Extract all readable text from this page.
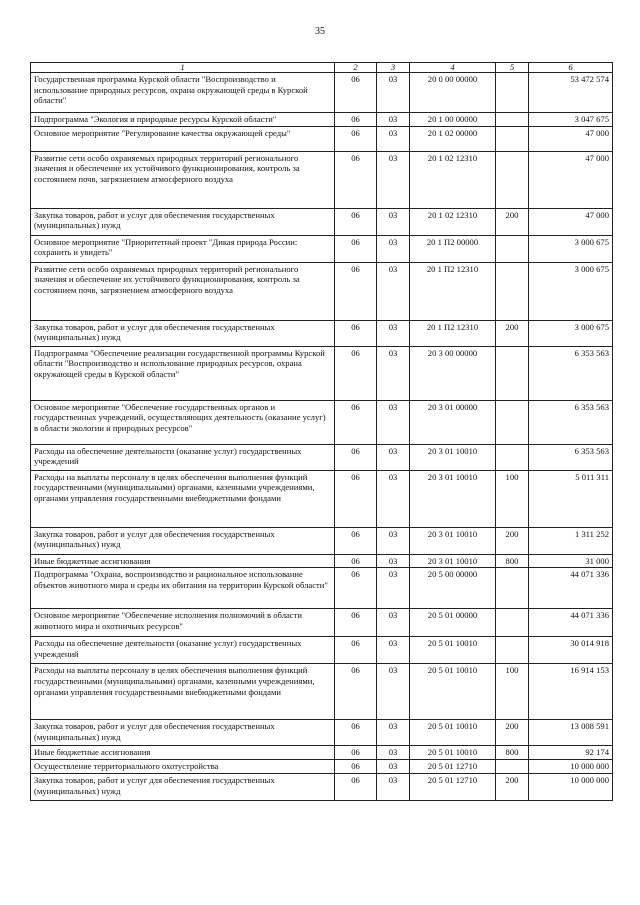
35
1	2	3	4	5	6
Государственная программа Курской области "Воспроизводство и использование природных ресурсов, охрана окружающей среды в Курской области"	06	03	20 0 00 00000		53 472 574
Подпрограмма "Экология и природные ресурсы Курской области"	06	03	20 1 00 00000		3 047 675
Основное мероприятие "Регулирование качества окружающей среды"	06	03	20 1 02 00000		47 000
Развитие сети особо охраняемых природных территорий регионального значения и обеспечение их устойчивого функционирования, контроль за состоянием почв, загрязнением атмосферного воздуха	06	03	20 1 02 12310		47 000
Закупка товаров, работ и услуг для обеспечения государственных (муниципальных) нужд	06	03	20 1 02 12310	200	47 000
Основное мероприятие "Приоритетный проект "Дикая природа России: сохранить и увидеть"	06	03	20 1 П2 00000		3 000 675
Развитие сети особо охраняемых природных территорий регионального значения и обеспечение их устойчивого функционирования, контроль за состоянием почв, загрязнением атмосферного воздуха	06	03	20 1 П2 12310		3 000 675
Закупка товаров, работ и услуг для обеспечения государственных (муниципальных) нужд	06	03	20 1 П2 12310	200	3 000 675
Подпрограмма "Обеспечение реализации государственной программы Курской области "Воспроизводство и использование природных ресурсов, охрана окружающей среды в Курской области"	06	03	20 3 00 00000		6 353 563
Основное мероприятие "Обеспечение государственных органов и государственных учреждений, осуществляющих деятельность (оказание услуг) в области экологии и природных ресурсов"	06	03	20 3 01 00000		6 353 563
Расходы на обеспечение деятельности (оказание услуг) государственных учреждений	06	03	20 3 01 10010		6 353 563
Расходы на выплаты персоналу в целях обеспечения выполнения функций государственными (муниципальными) органами, казенными учреждениями, органами управления государственными внебюджетными фондами	06	03	20 3 01 10010	100	5 011 311
Закупка товаров, работ и услуг для обеспечения государственных (муниципальных) нужд	06	03	20 3 01 10010	200	1 311 252
Иные бюджетные ассигнования	06	03	20 3 01 10010	800	31 000
Подпрограмма "Охрана, воспроизводство и рациональное использование объектов животного мира и среды их обитания на территории Курской области"	06	03	20 5 00 00000		44 071 336
Основное мероприятие "Обеспечение исполнения полномочий в области животного мира и охотничьих ресурсов"	06	03	20 5 01 00000		44 071 336
Расходы на обеспечение деятельности (оказание услуг) государственных учреждений	06	03	20 5 01 10010		30 014 918
Расходы на выплаты персоналу в целях обеспечения выполнения функций государственными (муниципальными) органами, казенными учреждениями, органами управления государственными внебюджетными фондами	06	03	20 5 01 10010	100	16 914 153
Закупка товаров, работ и услуг для обеспечения государственных (муниципальных) нужд	06	03	20 5 01 10010	200	13 008 591
Иные бюджетные ассигнования	06	03	20 5 01 10010	800	92 174
Осуществление территориального охотустройства	06	03	20 5 01 12710		10 000 000
Закупка товаров, работ и услуг для обеспечения государственных (муниципальных) нужд	06	03	20 5 01 12710	200	10 000 000
